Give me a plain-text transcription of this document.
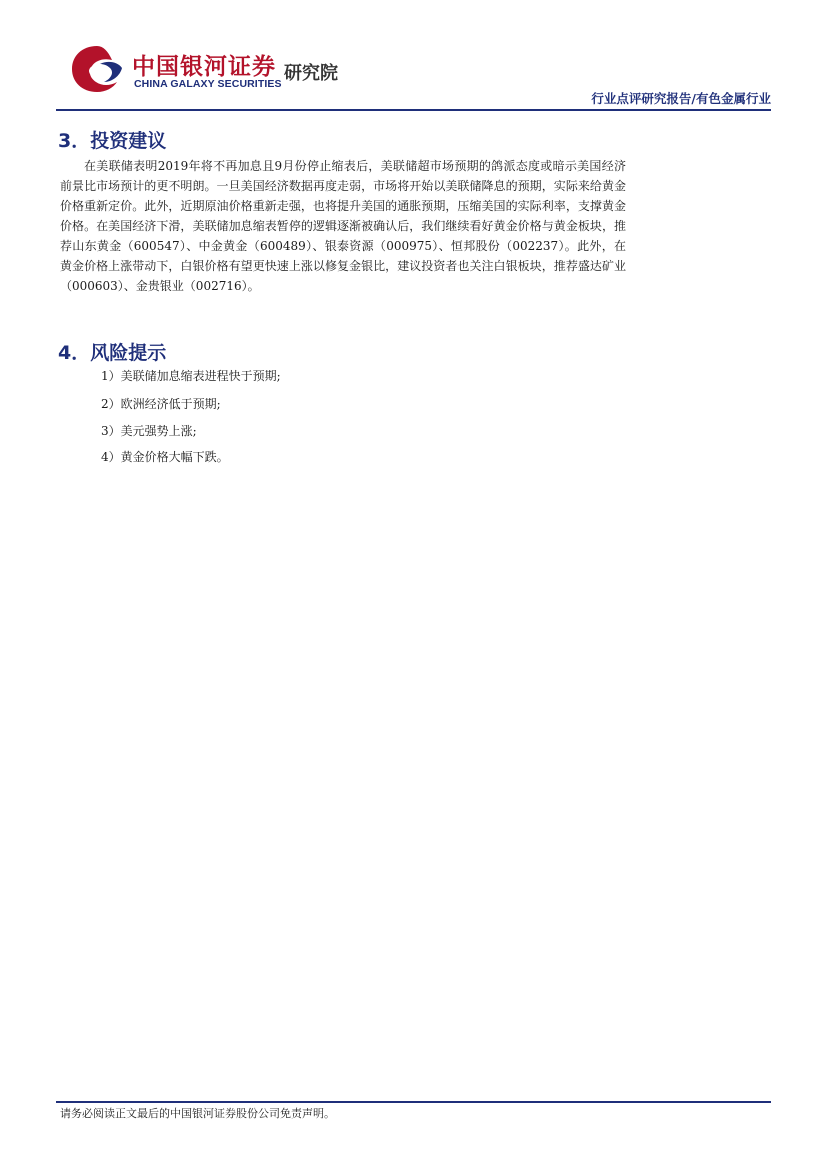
中国银河证券
CHINA GALAXY SECURITIES 研究院
行业点评研究报告/有色金属行业
3．投资建议

在美联储表明2019年将不再加息且9月份停止缩表后，美联储超市场预期的鸽派态度或暗示美国经济前景比市场预计的更不明朗。一旦美国经济数据再度走弱，市场将开始以美联储降息的预期，实际来给黄金价格重新定价。此外，近期原油价格重新走强，也将提升美国的通胀预期，压缩美国的实际利率，支撑黄金价格。在美国经济下滑，美联储加息缩表暂停的逻辑逐渐被确认后，我们继续看好黄金价格与黄金板块，推荐山东黄金（600547）、中金黄金（600489）、银泰资源（000975）、恒邦股份（002237）。此外，在黄金价格上涨带动下，白银价格有望更快速上涨以修复金银比，建议投资者也关注白银板块，推荐盛达矿业（000603）、金贵银业（002716）。

4．风险提示
1）美联储加息缩表进程快于预期;
2）欧洲经济低于预期;
3）美元强势上涨;
4）黄金价格大幅下跌。
请务必阅读正文最后的中国银河证券股份公司免责声明。
